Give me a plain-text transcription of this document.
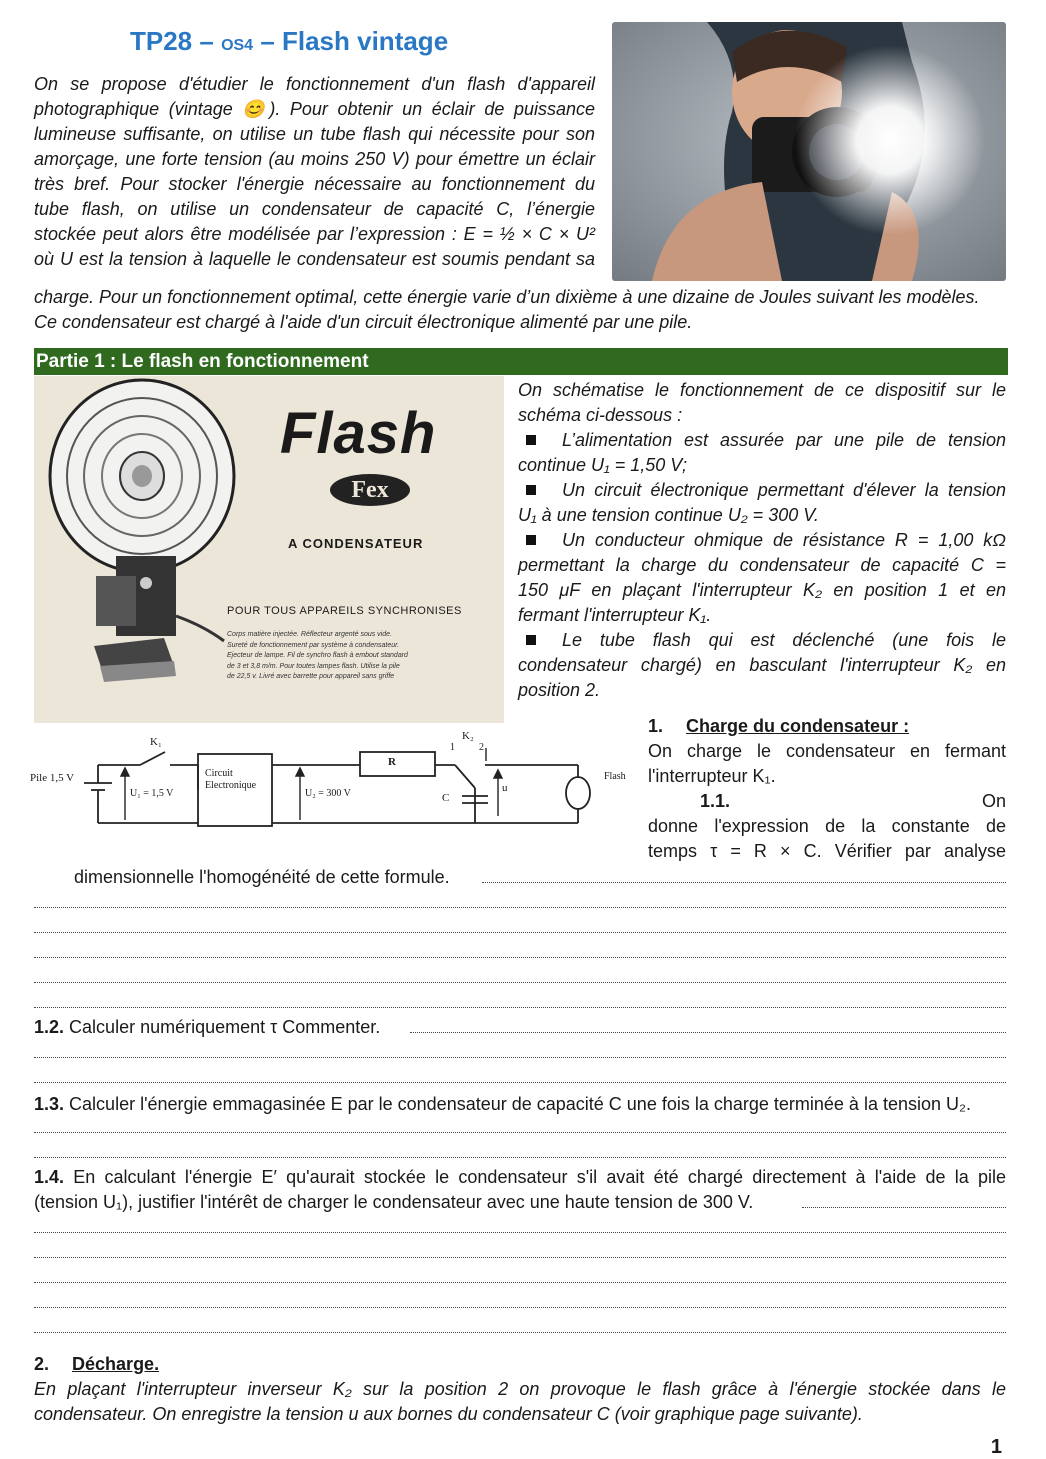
TP28 – OS4 – Flash vintage
On se propose d'étudier le fonctionnement d'un flash d'appareil
photographique (vintage 😊). Pour obtenir un éclair de puissance
lumineuse suffisante, on utilise un tube flash qui nécessite pour son
amorçage, une forte tension (au moins 250 V) pour émettre un éclair
très bref. Pour stocker l'énergie nécessaire au fonctionnement du
tube flash, on utilise un condensateur de capacité C, l’énergie
stockée peut alors être modélisée par l’expression : E = ½ × C × U²
où U est la tension à laquelle le condensateur est soumis pendant sa
charge. Pour un fonctionnement optimal, cette énergie varie d’un dixième à une dizaine de Joules suivant les modèles.
Ce condensateur est chargé à l'aide d'un circuit électronique alimenté par une pile.
Partie 1 : Le flash en fonctionnement
Flash
Fex
A CONDENSATEUR
POUR TOUS APPAREILS SYNCHRONISES
Corps matière injectée. Réflecteur argenté sous vide.
Sureté de fonctionnement par système à condensateur.
Ejecteur de lampe. Fil de synchro flash à embout standard
de 3 et 3,8 m/m. Pour toutes lampes flash. Utilise la pile
de 22,5 v. Livré avec barrette pour appareil sans griffe
On schématise le fonctionnement de ce dispositif sur le
schéma ci-dessous :
L’alimentation est assurée par une pile de tension
continue U₁ = 1,50 V;
Un circuit électronique permettant d'élever la tension
U₁ à une tension continue U₂ = 300 V.
Un conducteur ohmique de résistance R = 1,00 kΩ
permettant la charge du condensateur de capacité C =
150 μF en plaçant l'interrupteur K₂ en position 1 et en
fermant l'interrupteur K₁.
Le tube flash qui est déclenché (une fois le
condensateur chargé) en basculant l'interrupteur K₂ en
position 2.
Pile 1,5 V
K₁
U₁ = 1,5 V
Circuit
Electronique
U₂ = 300 V
R
C
1
K₂
2
u
Flash
1. Charge du condensateur :
On charge le condensateur en fermant
l'interrupteur K₁.
1.1.	On
donne l'expression de la constante de
temps τ = R × C. Vérifier par analyse
dimensionnelle l'homogénéité de cette formule.
1.2. Calculer numériquement τ Commenter.
1.3. Calculer l'énergie emmagasinée E par le condensateur de capacité C une fois la charge terminée à la tension U₂.
1.4. En calculant l'énergie E′ qu'aurait stockée le condensateur s'il avait été chargé directement à l'aide de la pile
(tension U₁), justifier l'intérêt de charger le condensateur avec une haute tension de 300 V.
2. Décharge.
En plaçant l'interrupteur inverseur K₂ sur la position 2 on provoque le flash grâce à l'énergie stockée dans le
condensateur. On enregistre la tension u aux bornes du condensateur C (voir graphique page suivante).
1
